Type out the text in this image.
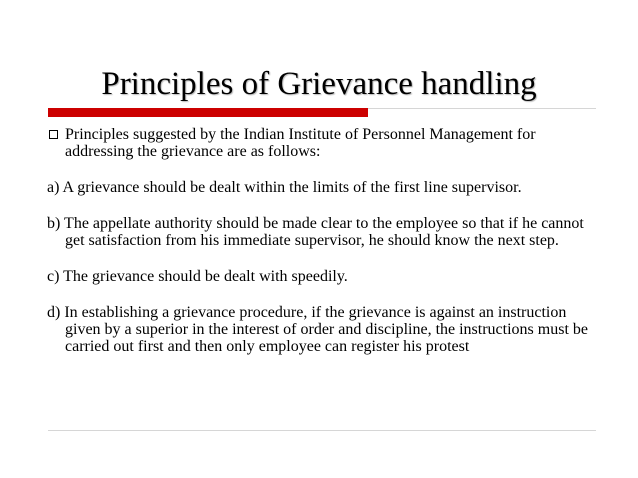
Principles of Grievance handling

Principles suggested by the Indian Institute of Personnel Management for addressing the grievance are as follows:

a) A grievance should be dealt within the limits of the first line supervisor.

b) The appellate authority should be made clear to the employee so that if he cannot get satisfaction from his immediate supervisor, he should know the next step.

c) The grievance should be dealt with speedily.

d) In establishing a grievance procedure, if the grievance is against an instruction given by a superior in the interest of order and discipline, the instructions must be carried out first and then only employee can register his protest
